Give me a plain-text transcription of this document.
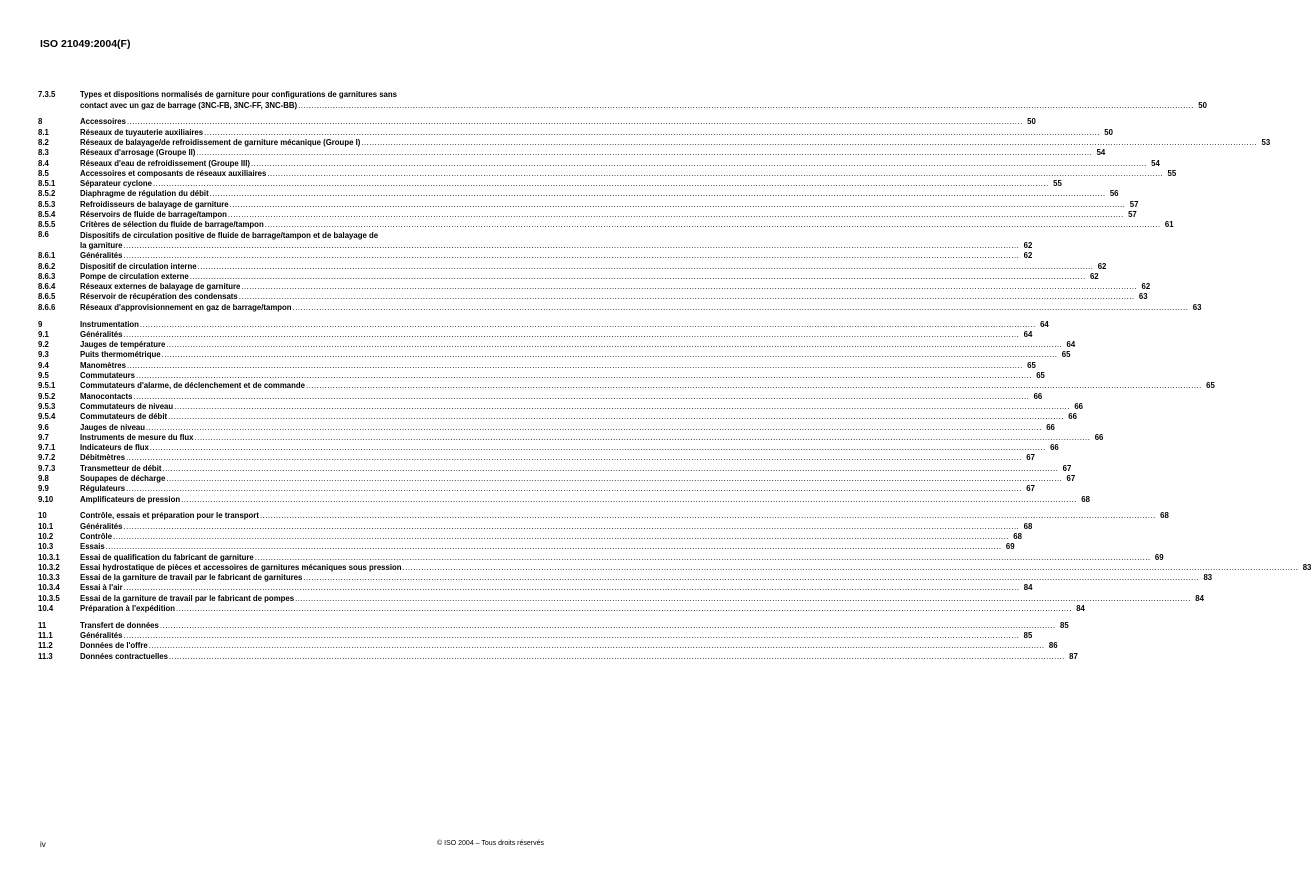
ISO 21049:2004(F)
7.3.5	Types et dispositions normalisés de garniture pour configurations de garnitures sans
contact avec un gaz de barrage (3NC-FB, 3NC-FF, 3NC-BB) .....	50
8	Accessoires .....	50
8.1	Réseaux de tuyauterie auxiliaires .....	50
8.2	Réseaux de balayage/de refroidissement de garniture mécanique (Groupe I) .....	53
8.3	Réseaux d'arrosage (Groupe II) .....	54
8.4	Réseaux d'eau de refroidissement (Groupe III) .....	54
8.5	Accessoires et composants de réseaux auxiliaires .....	55
8.5.1	Séparateur cyclone .....	55
8.5.2	Diaphragme de régulation du débit .....	56
8.5.3	Refroidisseurs de balayage de garniture .....	57
8.5.4	Réservoirs de fluide de barrage/tampon .....	57
8.5.5	Critères de sélection du fluide de barrage/tampon .....	61
8.6	Dispositifs de circulation positive de fluide de barrage/tampon et de balayage de
la garniture .....	62
8.6.1	Généralités .....	62
8.6.2	Dispositif de circulation interne .....	62
8.6.3	Pompe de circulation externe .....	62
8.6.4	Réseaux externes de balayage de garniture .....	62
8.6.5	Réservoir de récupération des condensats .....	63
8.6.6	Réseaux d'approvisionnement en gaz de barrage/tampon .....	63
9	Instrumentation .....	64
9.1	Généralités .....	64
9.2	Jauges de température .....	64
9.3	Puits thermométrique .....	65
9.4	Manomètres .....	65
9.5	Commutateurs .....	65
9.5.1	Commutateurs d'alarme, de déclenchement et de commande .....	65
9.5.2	Manocontacts .....	66
9.5.3	Commutateurs de niveau .....	66
9.5.4	Commutateurs de débit .....	66
9.6	Jauges de niveau .....	66
9.7	Instruments de mesure du flux .....	66
9.7.1	Indicateurs de flux .....	66
9.7.2	Débitmètres .....	67
9.7.3	Transmetteur de débit .....	67
9.8	Soupapes de décharge .....	67
9.9	Régulateurs .....	67
9.10	Amplificateurs de pression .....	68
10	Contrôle, essais et préparation pour le transport .....	68
10.1	Généralités .....	68
10.2	Contrôle .....	68
10.3	Essais .....	69
10.3.1	Essai de qualification du fabricant de garniture .....	69
10.3.2	Essai hydrostatique de pièces et accessoires de garnitures mécaniques sous pression .....	83
10.3.3	Essai de la garniture de travail par le fabricant de garnitures .....	83
10.3.4	Essai à l'air .....	84
10.3.5	Essai de la garniture de travail par le fabricant de pompes .....	84
10.4	Préparation à l'expédition .....	84
11	Transfert de données .....	85
11.1	Généralités .....	85
11.2	Données de l'offre .....	86
11.3	Données contractuelles .....	87
iv	© ISO 2004 – Tous droits réservés
